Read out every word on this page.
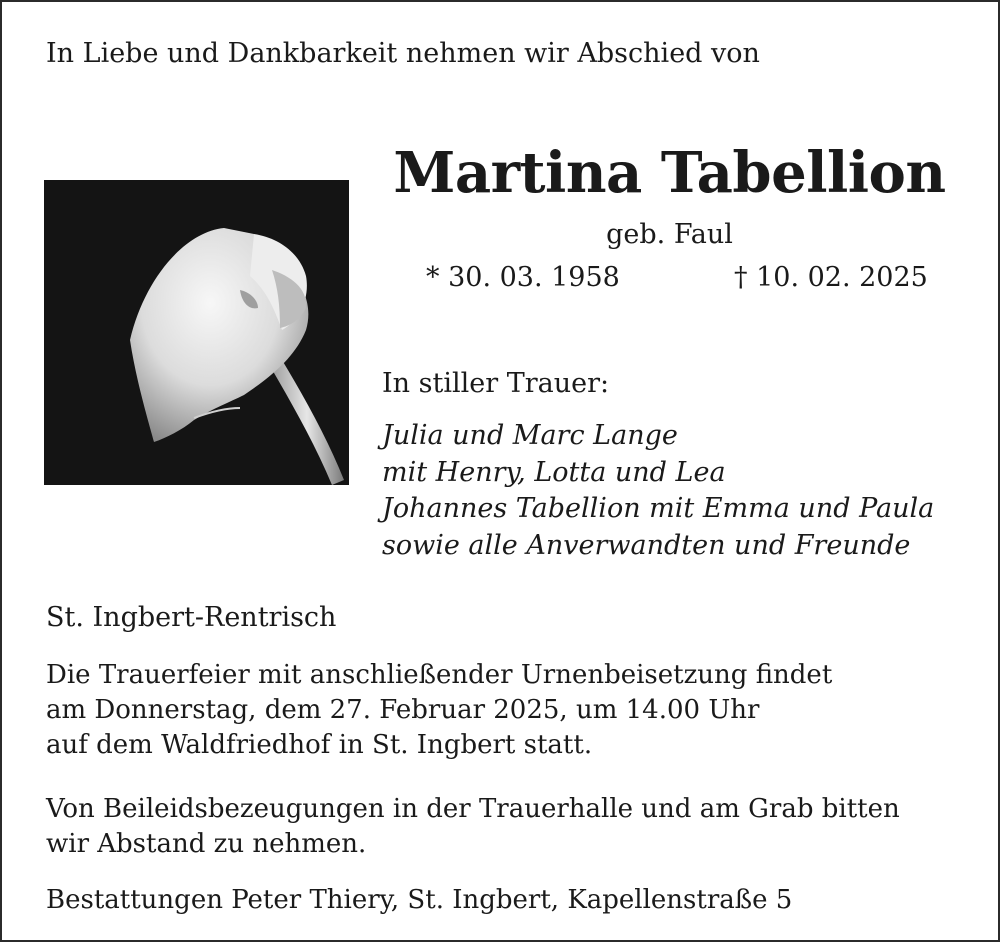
In Liebe und Dankbarkeit nehmen wir Abschied von
Martina Tabellion
geb. Faul
* 30. 03. 1958	† 10. 02. 2025
In stiller Trauer:
Julia und Marc Lange
mit Henry, Lotta und Lea
Johannes Tabellion mit Emma und Paula
sowie alle Anverwandten und Freunde
St. Ingbert-Rentrisch
Die Trauerfeier mit anschließender Urnenbeisetzung findet
am Donnerstag, dem 27. Februar 2025, um 14.00 Uhr
auf dem Waldfriedhof in St. Ingbert statt.
Von Beileidsbezeugungen in der Trauerhalle und am Grab bitten
wir Abstand zu nehmen.
Bestattungen Peter Thiery, St. Ingbert, Kapellenstraße 5
